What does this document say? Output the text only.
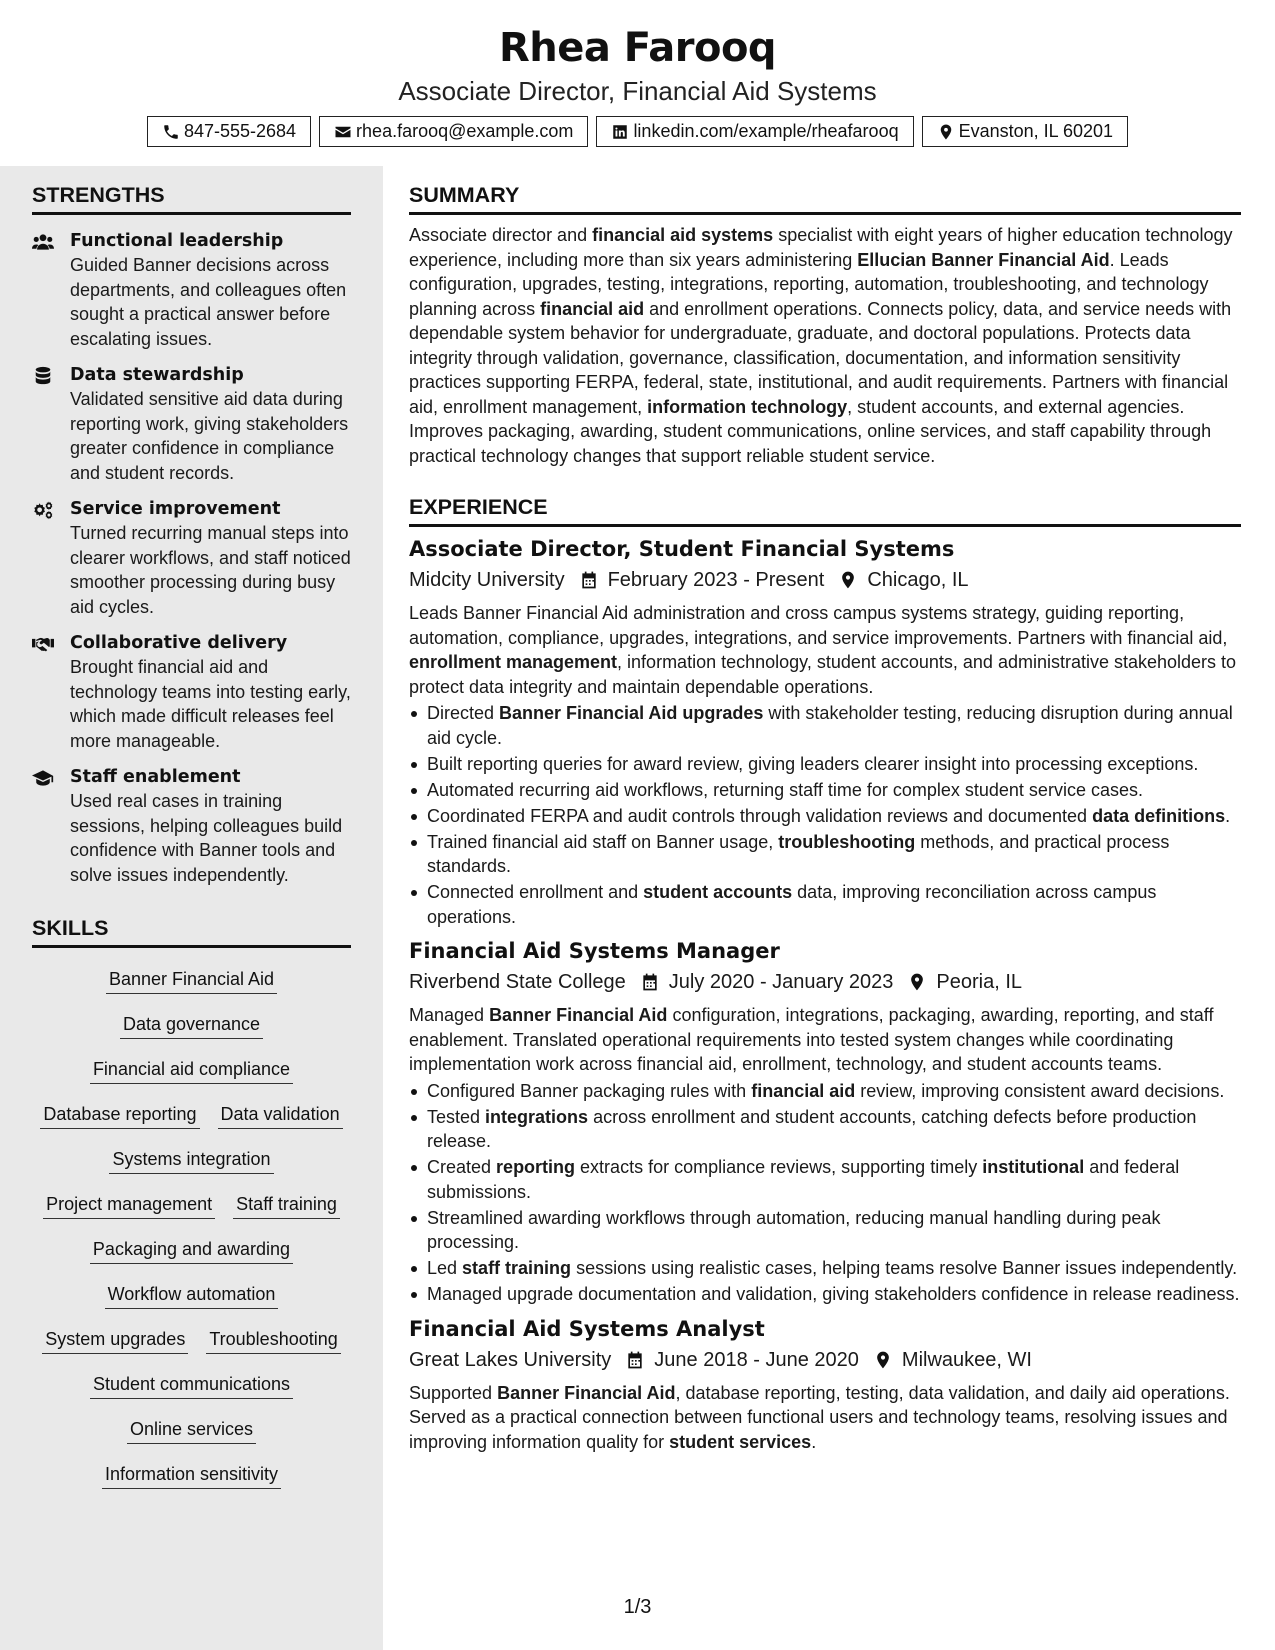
Rhea Farooq
Associate Director, Financial Aid Systems
847-555-2684	rhea.farooq@example.com	linkedin.com/example/rheafarooq	Evanston, IL 60201
STRENGTHS
Functional leadership
Guided Banner decisions across departments, and colleagues often sought a practical answer before escalating issues.
Data stewardship
Validated sensitive aid data during reporting work, giving stakeholders greater confidence in compliance and student records.
Service improvement
Turned recurring manual steps into clearer workflows, and staff noticed smoother processing during busy aid cycles.
Collaborative delivery
Brought financial aid and technology teams into testing early, which made difficult releases feel more manageable.
Staff enablement
Used real cases in training sessions, helping colleagues build confidence with Banner tools and solve issues independently.
SKILLS
Banner Financial Aid
Data governance
Financial aid compliance
Database reporting Data validation
Systems integration
Project management Staff training
Packaging and awarding
Workflow automation
System upgrades Troubleshooting
Student communications
Online services
Information sensitivity
SUMMARY
Associate director and financial aid systems specialist with eight years of higher education technology experience, including more than six years administering Ellucian Banner Financial Aid. Leads configuration, upgrades, testing, integrations, reporting, automation, troubleshooting, and technology planning across financial aid and enrollment operations. Connects policy, data, and service needs with dependable system behavior for undergraduate, graduate, and doctoral populations. Protects data integrity through validation, governance, classification, documentation, and information sensitivity practices supporting FERPA, federal, state, institutional, and audit requirements. Partners with financial aid, enrollment management, information technology, student accounts, and external agencies. Improves packaging, awarding, student communications, online services, and staff capability through practical technology changes that support reliable student service.
EXPERIENCE
Associate Director, Student Financial Systems
Midcity University February 2023 - Present Chicago, IL
Leads Banner Financial Aid administration and cross campus systems strategy, guiding reporting, automation, compliance, upgrades, integrations, and service improvements. Partners with financial aid, enrollment management, information technology, student accounts, and administrative stakeholders to protect data integrity and maintain dependable operations.
Directed Banner Financial Aid upgrades with stakeholder testing, reducing disruption during annual aid cycle.
Built reporting queries for award review, giving leaders clearer insight into processing exceptions.
Automated recurring aid workflows, returning staff time for complex student service cases.
Coordinated FERPA and audit controls through validation reviews and documented data definitions.
Trained financial aid staff on Banner usage, troubleshooting methods, and practical process standards.
Connected enrollment and student accounts data, improving reconciliation across campus operations.
Financial Aid Systems Manager
Riverbend State College July 2020 - January 2023 Peoria, IL
Managed Banner Financial Aid configuration, integrations, packaging, awarding, reporting, and staff enablement. Translated operational requirements into tested system changes while coordinating implementation work across financial aid, enrollment, technology, and student accounts teams.
Configured Banner packaging rules with financial aid review, improving consistent award decisions.
Tested integrations across enrollment and student accounts, catching defects before production release.
Created reporting extracts for compliance reviews, supporting timely institutional and federal submissions.
Streamlined awarding workflows through automation, reducing manual handling during peak processing.
Led staff training sessions using realistic cases, helping teams resolve Banner issues independently.
Managed upgrade documentation and validation, giving stakeholders confidence in release readiness.
Financial Aid Systems Analyst
Great Lakes University June 2018 - June 2020 Milwaukee, WI
Supported Banner Financial Aid, database reporting, testing, data validation, and daily aid operations. Served as a practical connection between functional users and technology teams, resolving issues and improving information quality for student services.
1/3
